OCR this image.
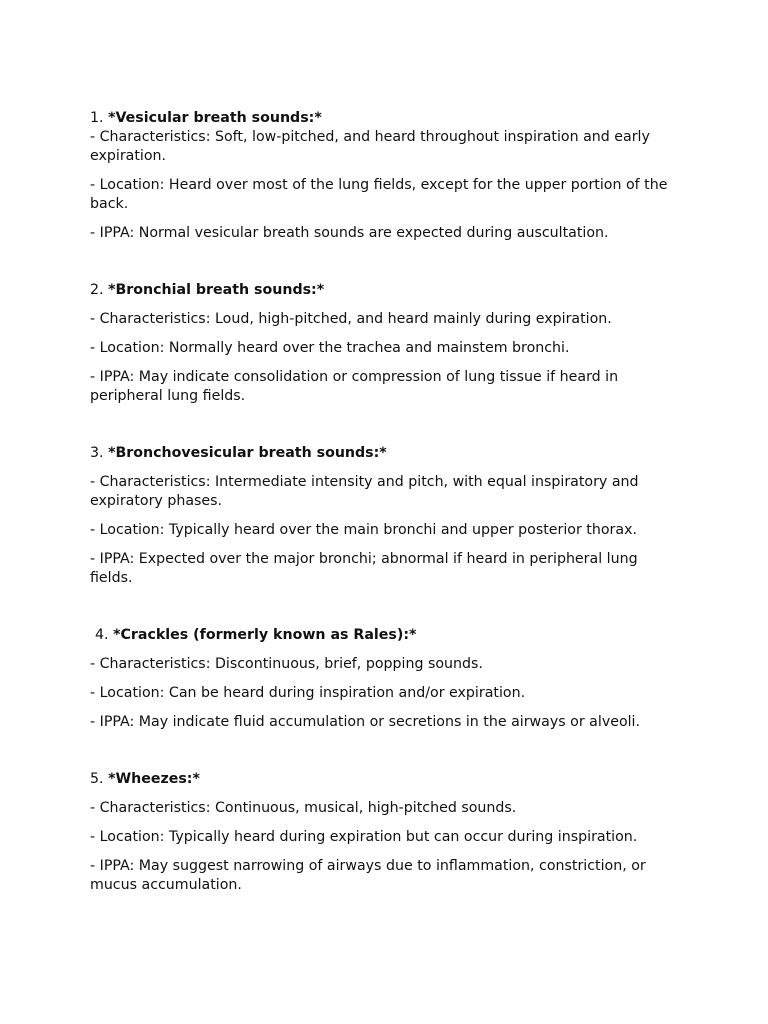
1. *Vesicular breath sounds:*

- Characteristics: Soft, low-pitched, and heard throughout inspiration and early expiration.

- Location: Heard over most of the lung fields, except for the upper portion of the back.

- IPPA: Normal vesicular breath sounds are expected during auscultation.

2. *Bronchial breath sounds:*

- Characteristics: Loud, high-pitched, and heard mainly during expiration.

- Location: Normally heard over the trachea and mainstem bronchi.

- IPPA: May indicate consolidation or compression of lung tissue if heard in peripheral lung fields.

3. *Bronchovesicular breath sounds:*

- Characteristics: Intermediate intensity and pitch, with equal inspiratory and expiratory phases.

- Location: Typically heard over the main bronchi and upper posterior thorax.

- IPPA: Expected over the major bronchi; abnormal if heard in peripheral lung fields.

4. *Crackles (formerly known as Rales):*

- Characteristics: Discontinuous, brief, popping sounds.

- Location: Can be heard during inspiration and/or expiration.

- IPPA: May indicate fluid accumulation or secretions in the airways or alveoli.

5. *Wheezes:*

- Characteristics: Continuous, musical, high-pitched sounds.

- Location: Typically heard during expiration but can occur during inspiration.

- IPPA: May suggest narrowing of airways due to inflammation, constriction, or mucus accumulation.
